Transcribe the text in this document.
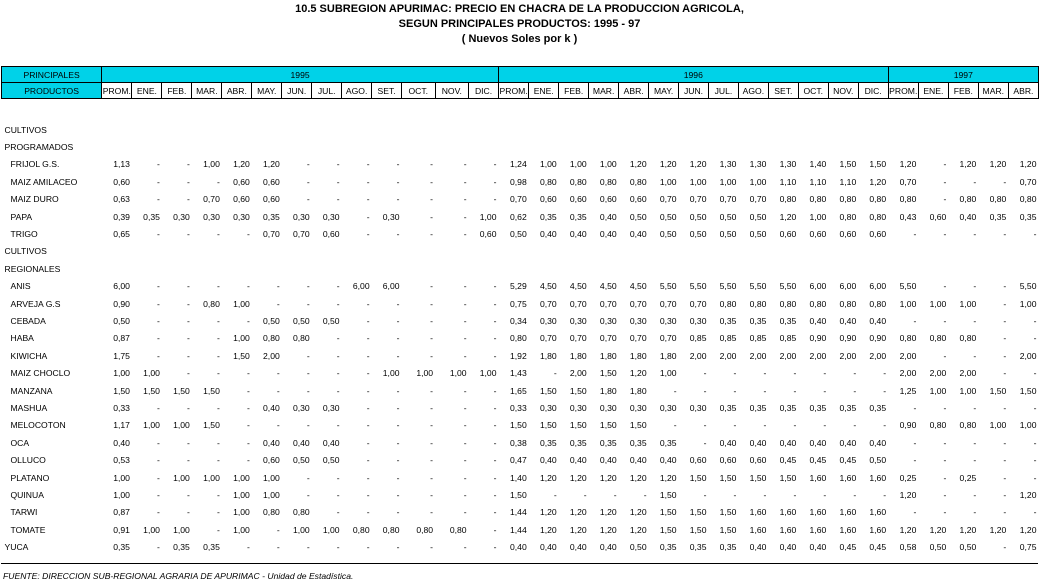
10.5 SUBREGION APURIMAC: PRECIO EN CHACRA DE LA PRODUCCION AGRICOLA,
SEGUN PRINCIPALES PRODUCTOS: 1995 - 97
( Nuevos Soles por k )
PRINCIPALES	1995													1996													1997				
PRODUCTOS	PROM.	ENE.	FEB.	MAR.	ABR.	MAY.	JUN.	JUL.	AGO.	SET.	OCT.	NOV.	DIC.	PROM.	ENE.	FEB.	MAR.	ABR.	MAY.	JUN.	JUL.	AGO.	SET.	OCT.	NOV.	DIC.	PROM.	ENE.	FEB.	MAR.	ABR.

CULTIVOS																															
PROGRAMADOS																															
FRIJOL G.S.	1,13	-	-	1,00	1,20	1,20	-	-	-	-	-	-	-	1,24	1,00	1,00	1,00	1,20	1,20	1,20	1,30	1,30	1,30	1,40	1,50	1,50	1,20	-	1,20	1,20	1,20
MAIZ AMILACEO	0,60	-	-	-	0,60	0,60	-	-	-	-	-	-	-	0,98	0,80	0,80	0,80	0,80	1,00	1,00	1,00	1,00	1,10	1,10	1,10	1,20	0,70	-	-	-	0,70
MAIZ DURO	0,63	-	-	0,70	0,60	0,60	-	-	-	-	-	-	-	0,70	0,60	0,60	0,60	0,60	0,70	0,70	0,70	0,70	0,80	0,80	0,80	0,80	0,80	-	0,80	0,80	0,80
PAPA	0,39	0,35	0,30	0,30	0,30	0,35	0,30	0,30	-	0,30	-	-	1,00	0,62	0,35	0,35	0,40	0,50	0,50	0,50	0,50	0,50	1,20	1,00	0,80	0,80	0,43	0,60	0,40	0,35	0,35
TRIGO	0,65	-	-	-	-	0,70	0,70	0,60	-	-	-	-	0,60	0,50	0,40	0,40	0,40	0,40	0,50	0,50	0,50	0,50	0,60	0,60	0,60	0,60	-	-	-	-	-
CULTIVOS																															
REGIONALES																															
ANIS	6,00	-	-	-	-	-	-	-	6,00	6,00	-	-	-	5,29	4,50	4,50	4,50	4,50	5,50	5,50	5,50	5,50	5,50	6,00	6,00	6,00	5,50	-	-	-	5,50
ARVEJA G.S	0,90	-	-	0,80	1,00	-	-	-	-	-	-	-	-	0,75	0,70	0,70	0,70	0,70	0,70	0,70	0,80	0,80	0,80	0,80	0,80	0,80	1,00	1,00	1,00	-	1,00
CEBADA	0,50	-	-	-	-	0,50	0,50	0,50	-	-	-	-	-	0,34	0,30	0,30	0,30	0,30	0,30	0,30	0,35	0,35	0,35	0,40	0,40	0,40	-	-	-	-	-
HABA	0,87	-	-	-	1,00	0,80	0,80	-	-	-	-	-	-	0,80	0,70	0,70	0,70	0,70	0,70	0,85	0,85	0,85	0,85	0,90	0,90	0,90	0,80	0,80	0,80	-	-
KIWICHA	1,75	-	-	-	1,50	2,00	-	-	-	-	-	-	-	1,92	1,80	1,80	1,80	1,80	1,80	2,00	2,00	2,00	2,00	2,00	2,00	2,00	2,00	-	-	-	2,00
MAIZ CHOCLO	1,00	1,00	-	-	-	-	-	-	-	1,00	1,00	1,00	1,00	1,43	-	2,00	1,50	1,20	1,00	-	-	-	-	-	-	-	2,00	2,00	2,00	-	-
MANZANA	1,50	1,50	1,50	1,50	-	-	-	-	-	-	-	-	-	1,65	1,50	1,50	1,80	1,80	-	-	-	-	-	-	-	-	1,25	1,00	1,00	1,50	1,50
MASHUA	0,33	-	-	-	-	0,40	0,30	0,30	-	-	-	-	-	0,33	0,30	0,30	0,30	0,30	0,30	0,30	0,35	0,35	0,35	0,35	0,35	0,35	-	-	-	-	-
MELOCOTON	1,17	1,00	1,00	1,50	-	-	-	-	-	-	-	-	-	1,50	1,50	1,50	1,50	1,50	-	-	-	-	-	-	-	-	0,90	0,80	0,80	1,00	1,00
OCA	0,40	-	-	-	-	0,40	0,40	0,40	-	-	-	-	-	0,38	0,35	0,35	0,35	0,35	0,35	-	0,40	0,40	0,40	0,40	0,40	0,40	-	-	-	-	-
OLLUCO	0,53	-	-	-	-	0,60	0,50	0,50	-	-	-	-	-	0,47	0,40	0,40	0,40	0,40	0,40	0,60	0,60	0,60	0,45	0,45	0,45	0,50	-	-	-	-	-
PLATANO	1,00	-	1,00	1,00	1,00	1,00	-	-	-	-	-	-	-	1,40	1,20	1,20	1,20	1,20	1,20	1,50	1,50	1,50	1,50	1,60	1,60	1,60	0,25	-	0,25	-	-
QUINUA	1,00	-	-	-	1,00	1,00	-	-	-	-	-	-	-	1,50	-	-	-	-	1,50	-	-	-	-	-	-	-	1,20	-	-	-	1,20
TARWI	0,87	-	-	-	1,00	0,80	0,80	-	-	-	-	-	-	1,44	1,20	1,20	1,20	1,20	1,50	1,50	1,50	1,60	1,60	1,60	1,60	1,60	-	-	-	-	-
TOMATE	0,91	1,00	1,00	-	1,00	-	1,00	1,00	0,80	0,80	0,80	0,80	-	1,44	1,20	1,20	1,20	1,20	1,50	1,50	1,50	1,60	1,60	1,60	1,60	1,60	1,20	1,20	1,20	1,20	1,20
YUCA	0,35	-	0,35	0,35	-	-	-	-	-	-	-	-	-	0,40	0,40	0,40	0,40	0,50	0,35	0,35	0,35	0,40	0,40	0,40	0,45	0,45	0,58	0,50	0,50	-	0,75
FUENTE: DIRECCION SUB-REGIONAL AGRARIA DE APURIMAC - Unidad de Estadística.
